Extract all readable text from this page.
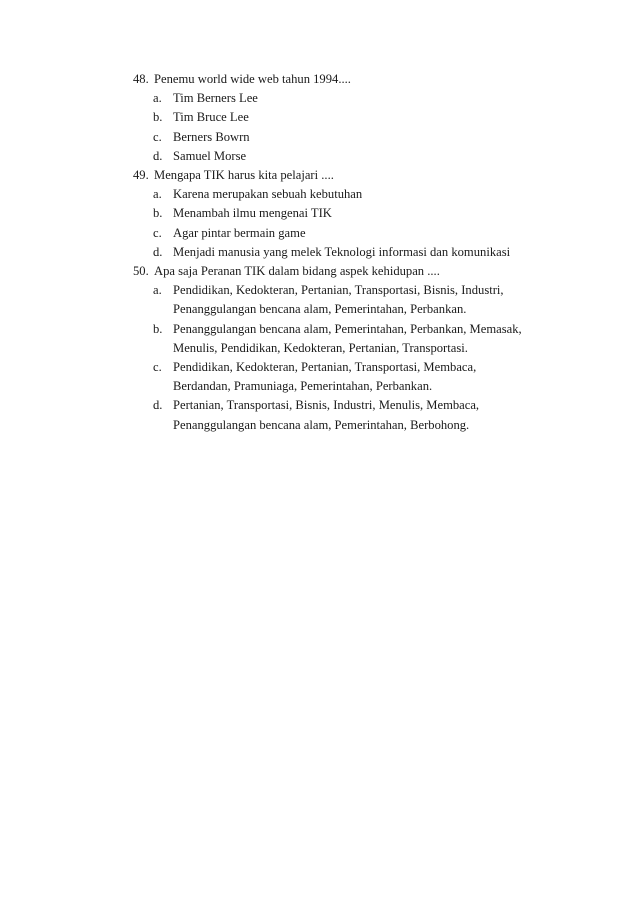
48. Penemu world wide web tahun 1994....
a. Tim Berners Lee
b. Tim Bruce Lee
c. Berners Bowrn
d. Samuel Morse
49. Mengapa TIK harus kita pelajari ....
a. Karena merupakan sebuah kebutuhan
b. Menambah ilmu mengenai TIK
c. Agar pintar bermain game
d. Menjadi manusia yang melek Teknologi informasi dan komunikasi
50. Apa saja Peranan TIK dalam bidang aspek kehidupan ....
a. Pendidikan, Kedokteran, Pertanian, Transportasi, Bisnis, Industri,
Penanggulangan bencana alam, Pemerintahan, Perbankan.
b. Penanggulangan bencana alam, Pemerintahan, Perbankan, Memasak,
Menulis, Pendidikan, Kedokteran, Pertanian, Transportasi.
c. Pendidikan, Kedokteran, Pertanian, Transportasi, Membaca,
Berdandan, Pramuniaga, Pemerintahan, Perbankan.
d. Pertanian, Transportasi, Bisnis, Industri, Menulis, Membaca,
Penanggulangan bencana alam, Pemerintahan, Berbohong.
